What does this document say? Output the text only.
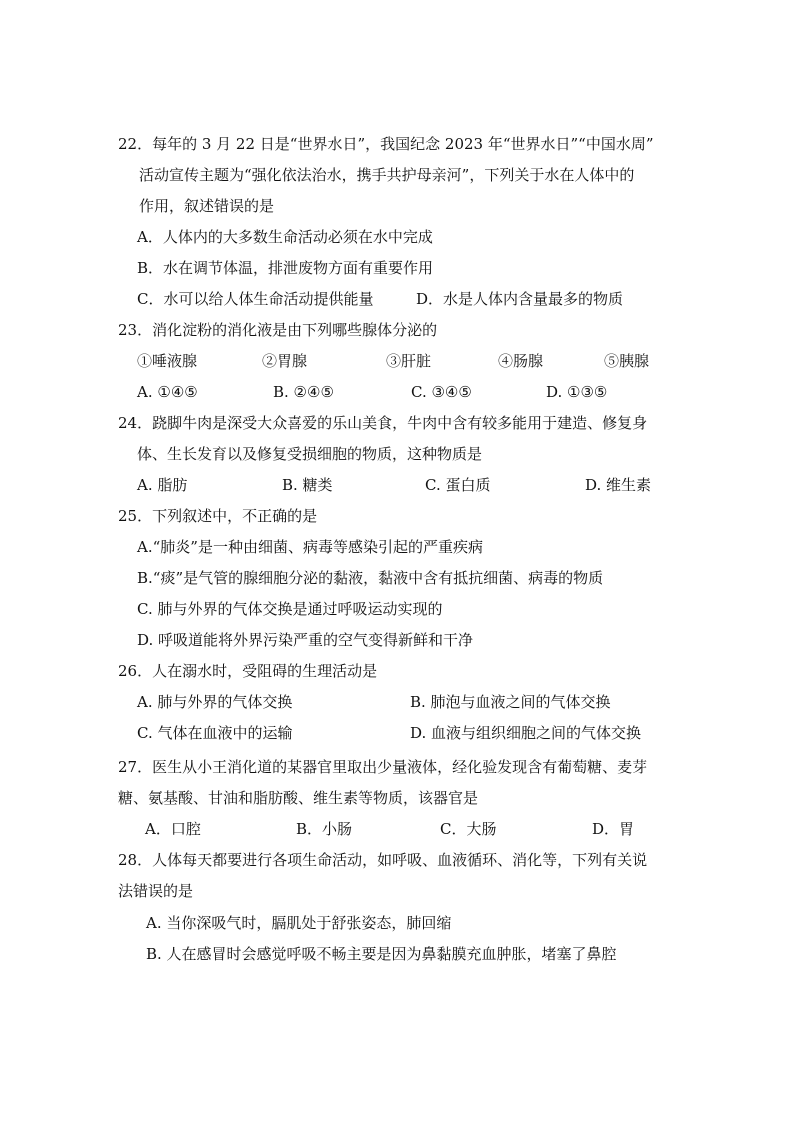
22．每年的 3 月 22 日是“世界水日”，我国纪念 2023 年“世界水日”“中国水周”
活动宣传主题为“强化依法治水，携手共护母亲河”，下列关于水在人体中的
作用，叙述错误的是
A．人体内的大多数生命活动必须在水中完成
B．水在调节体温，排泄废物方面有重要作用
C．水可以给人体生命活动提供能量	D．水是人体内含量最多的物质
23．消化淀粉的消化液是由下列哪些腺体分泌的
①唾液腺	②胃腺	③肝脏	④肠腺	⑤胰腺
A. ①④⑤	B. ②④⑤	C. ③④⑤	D. ①③⑤
24．跷脚牛肉是深受大众喜爱的乐山美食，牛肉中含有较多能用于建造、修复身
体、生长发育以及修复受损细胞的物质，这种物质是
A. 脂肪	B. 糖类	C. 蛋白质	D. 维生素
25．下列叙述中，不正确的是
A.“肺炎”是一种由细菌、病毒等感染引起的严重疾病
B.“痰”是气管的腺细胞分泌的黏液，黏液中含有抵抗细菌、病毒的物质
C. 肺与外界的气体交换是通过呼吸运动实现的
D. 呼吸道能将外界污染严重的空气变得新鲜和干净
26．人在溺水时，受阻碍的生理活动是
A. 肺与外界的气体交换	B. 肺泡与血液之间的气体交换
C. 气体在血液中的运输	D. 血液与组织细胞之间的气体交换
27．医生从小王消化道的某器官里取出少量液体，经化验发现含有葡萄糖、麦芽
糖、氨基酸、甘油和脂肪酸、维生素等物质，该器官是
A．口腔	B．小肠	C．大肠	D．胃
28．人体每天都要进行各项生命活动，如呼吸、血液循环、消化等，下列有关说
法错误的是
A. 当你深吸气时，膈肌处于舒张姿态，肺回缩
B. 人在感冒时会感觉呼吸不畅主要是因为鼻黏膜充血肿胀，堵塞了鼻腔
